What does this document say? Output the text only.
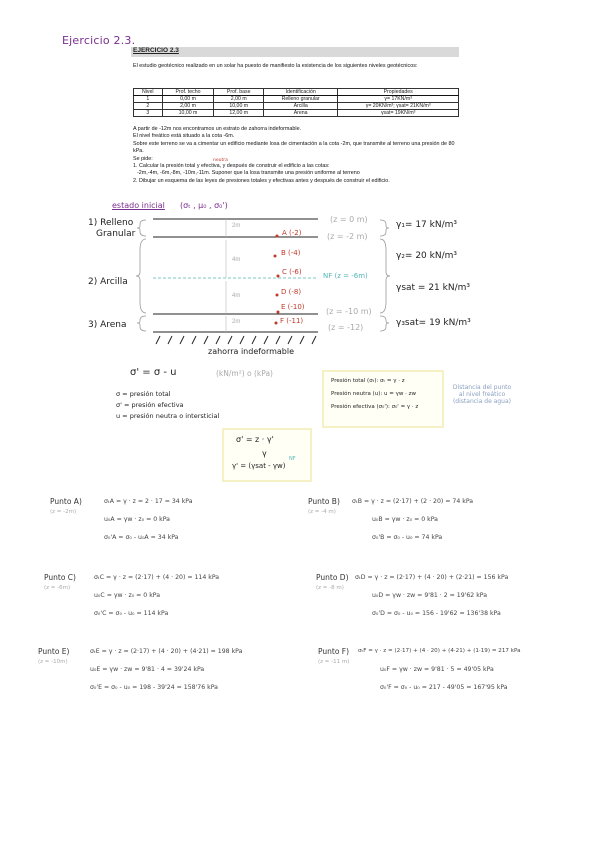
Ejercicio 2.3.
EJERCICIO 2.3
El estudio geotécnico realizado en un solar ha puesto de manifiesto la existencia de los siguientes niveles geotécnicos:
Nivel	Prof. techo	Prof. base	Identificación	Propiedades
1	0,00 m	2,00 m	Relleno granular	γ= 17KN/m³
2	2,00 m	10,00 m	Arcilla	γ= 20KN/m³; γsat= 21KN/m³
3	10,00 m	12,00 m	Arena	γsat= 19KN/m³
A partir de -12m nos encontramos un estrato de zahorra indeformable.
El nivel freático está situado a la cota -6m.
Sobre este terreno se va a cimentar un edificio mediante losa de cimentación a la cota -2m, que transmite al terreno una presión de 80 kPa.
Se pide:	neutra
1. Calcular la presión total y efectiva, y después de construir el edificio a las cotas:
-2m,-4m, -6m,-8m, -10m,-11m. Suponer que la losa transmite una presión uniforme al terreno
2. Dibujar un esquema de las leyes de presiones totales y efectivas antes y después de construir el edificio.
estado inicial (σₜ , μ₀ , σ₀')
1) Relleno
Granular
2) Arcilla
3) Arena
2m
4m
4m
2m
A (-2)
B (-4)
C (-6)
D (-8)
E (-10)
F (-11)
(z = 0 m)
(z = -2 m)
NF (z = -6m)
(z = -10 m)
(z = -12)
γ₁= 17 kN/m³
γ₂= 20 kN/m³
γsat = 21 kN/m³
γ₃sat= 19 kN/m³
zahorra indeformable
σ' = σ - u	(kN/m²) o (kPa)
σ = presión total
σ' = presión efectiva
u = presión neutra o intersticial
Presión total (σₜ): σₜ = γ · z
Presión neutra (u): u = γw · zw
Presión efectiva (σ₀'): σ₀' = γ · z
Distancia del punto
al nivel freático
(distancia de agua)
σ' = z · γ'
γ
γ' = (γsat - γw)
NF
Punto A)
(z = -2m)
σₜA = γ · z = 2 · 17 = 34 kPa
u₀A = γw · z₀ = 0 kPa
σ₀'A = σ₀ - u₀A = 34 kPa
Punto B)
(z = -4 m)
σₜB = γ · z = (2·17) + (2 · 20) = 74 kPa
u₀B = γw · z₀ = 0 kPa
σ₀'B = σ₀ - u₀ = 74 kPa
Punto C)
(z = -6m)
σₜC = γ · z = (2·17) + (4 · 20) = 114 kPa
u₀C = γw · z₀ = 0 kPa
σ₀'C = σ₀ - u₀ = 114 kPa
Punto D)
(z = -8 m)
σₜD = γ · z = (2·17) + (4 · 20) + (2·21) = 156 kPa
u₀D = γw · zw = 9'81 · 2 = 19'62 kPa
σ₀'D = σ₀ - u₀ = 156 - 19'62 = 136'38 kPa
Punto E)
(z = -10m)
σₜE = γ · z = (2·17) + (4 · 20) + (4·21) = 198 kPa
u₀E = γw · zw = 9'81 · 4 = 39'24 kPa
σ₀'E = σ₀ - u₀ = 198 - 39'24 = 158'76 kPa
Punto F)
(z = -11 m)
σₜF = γ · z = (2·17) + (4 · 20) + (4·21) + (1·19) = 217 kPa
u₀F = γw · zw = 9'81 · 5 = 49'05 kPa
σ₀'F = σ₀ - u₀ = 217 - 49'05 = 167'95 kPa
